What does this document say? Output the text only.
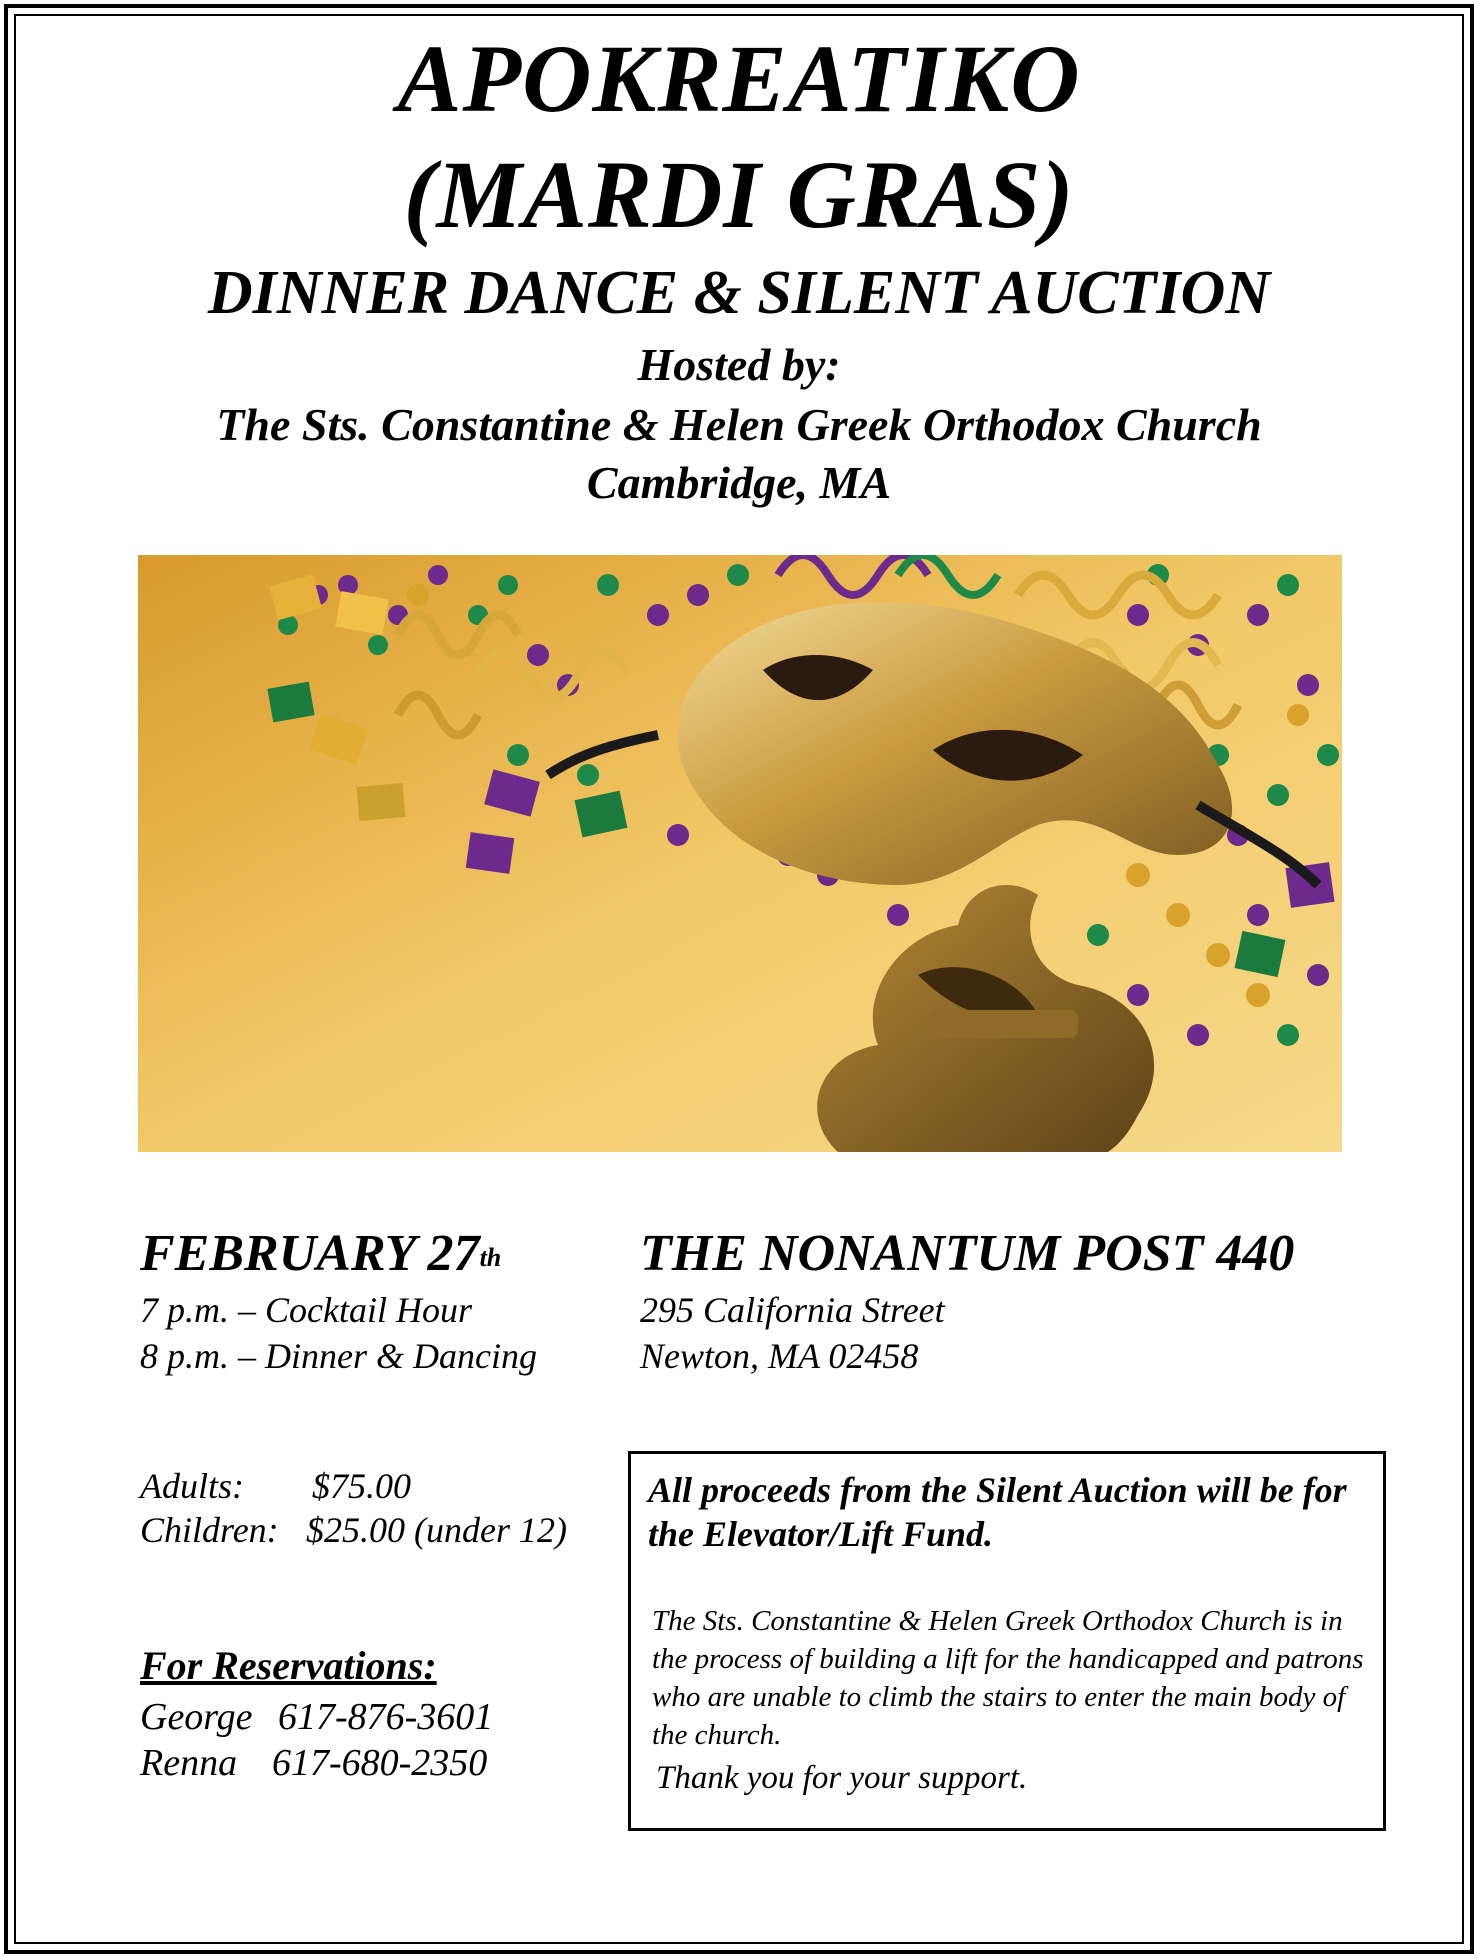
APOKREATIKO
(MARDI GRAS)
DINNER DANCE & SILENT AUCTION
Hosted by:
The Sts. Constantine & Helen Greek Orthodox Church
Cambridge, MA
FEBRUARY 27th
7 p.m. – Cocktail Hour
8 p.m. – Dinner & Dancing
THE NONANTUM POST 440
295 California Street
Newton, MA 02458
Adults: $75.00
Children: $25.00 (under 12)
For Reservations:
George 617-876-3601
Renna 617-680-2350
All proceeds from the Silent Auction will be for the Elevator/Lift Fund.
The Sts. Constantine & Helen Greek Orthodox Church is in the process of building a lift for the handicapped and patrons who are unable to climb the stairs to enter the main body of the church.
Thank you for your support.
